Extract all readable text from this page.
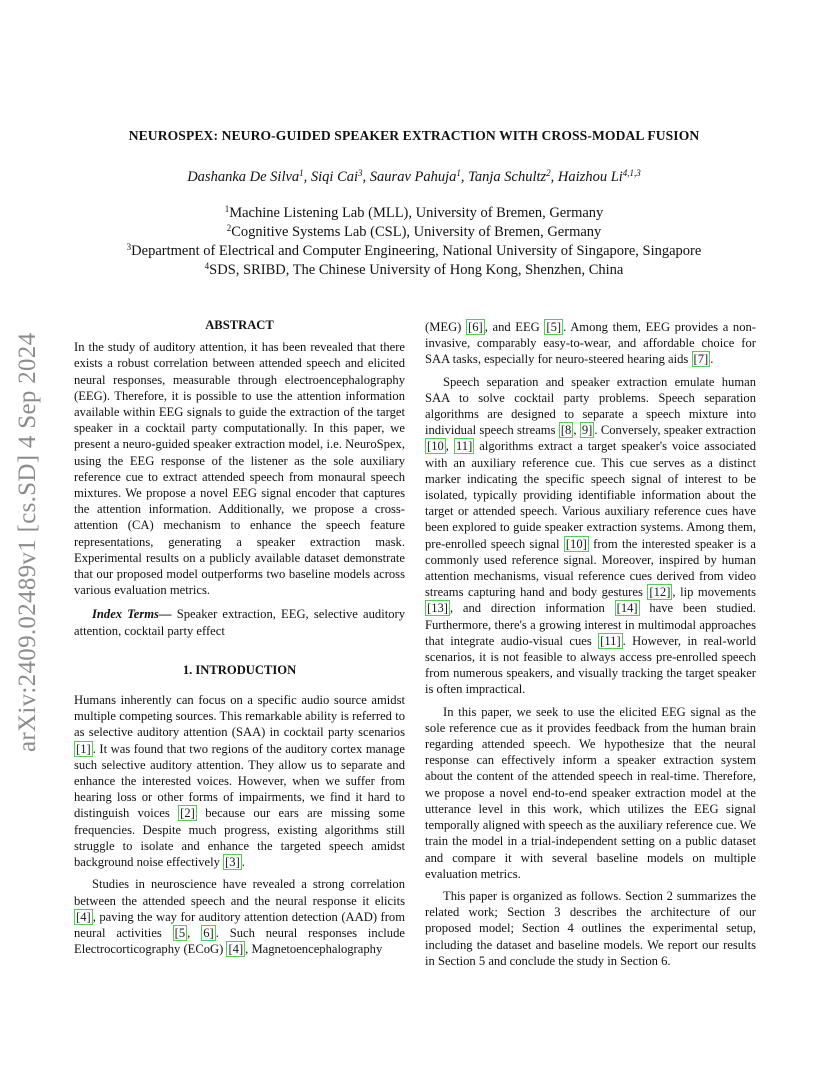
arXiv:2409.02489v1 [cs.SD] 4 Sep 2024
NEUROSPEX: NEURO-GUIDED SPEAKER EXTRACTION WITH CROSS-MODAL FUSION
Dashanka De Silva$^1$, Siqi Cai$^3$, Saurav Pahuja$^1$, Tanja Schultz$^2$, Haizhou Li$^{4,1,3}$
$^1$Machine Listening Lab (MLL), University of Bremen, Germany
$^2$Cognitive Systems Lab (CSL), University of Bremen, Germany
$^3$Department of Electrical and Computer Engineering, National University of Singapore, Singapore
$^4$SDS, SRIBD, The Chinese University of Hong Kong, Shenzhen, China
ABSTRACT

In the study of auditory attention, it has been revealed that there exists a robust correlation between attended speech and elicited neural responses, measurable through electroencephalography (EEG). Therefore, it is possible to use the attention information available within EEG signals to guide the extraction of the target speaker in a cocktail party computationally. In this paper, we present a neuro-guided speaker extraction model, i.e. NeuroSpex, using the EEG response of the listener as the sole auxiliary reference cue to extract attended speech from monaural speech mixtures. We propose a novel EEG signal encoder that captures the attention information. Additionally, we propose a cross-attention (CA) mechanism to enhance the speech feature representations, generating a speaker extraction mask. Experimental results on a publicly available dataset demonstrate that our proposed model outperforms two baseline models across various evaluation metrics.

Index Terms— Speaker extraction, EEG, selective auditory attention, cocktail party effect

1. INTRODUCTION

Humans inherently can focus on a specific audio source amidst multiple competing sources. This remarkable ability is referred to as selective auditory attention (SAA) in cocktail party scenarios [1] . It was found that two regions of the auditory cortex manage such selective auditory attention. They allow us to separate and enhance the interested voices. However, when we suffer from hearing loss or other forms of impairments, we find it hard to distinguish voices [2] because our ears are missing some frequencies. Despite much progress, existing algorithms still struggle to isolate and enhance the targeted speech amidst background noise effectively [3] .

Studies in neuroscience have revealed a strong correlation between the attended speech and the neural response it elicits [4] , paving the way for auditory attention detection (AAD) from neural activities [5 , 6] . Such neural responses include Electrocorticography (ECoG) [4] , Magnetoencephalography

(MEG) [6] , and EEG [5] . Among them, EEG provides a non-invasive, comparably easy-to-wear, and affordable choice for SAA tasks, especially for neuro-steered hearing aids [7] .

Speech separation and speaker extraction emulate human SAA to solve cocktail party problems. Speech separation algorithms are designed to separate a speech mixture into individual speech streams [8 , 9] . Conversely, speaker extraction [10 , 11] algorithms extract a target speaker's voice associated with an auxiliary reference cue. This cue serves as a distinct marker indicating the specific speech signal of interest to be isolated, typically providing identifiable information about the target or attended speech. Various auxiliary reference cues have been explored to guide speaker extraction systems. Among them, pre-enrolled speech signal [10] from the interested speaker is a commonly used reference signal. Moreover, inspired by human attention mechanisms, visual reference cues derived from video streams capturing hand and body gestures [12] , lip movements [13] , and direction information [14] have been studied. Furthermore, there's a growing interest in multimodal approaches that integrate audio-visual cues [11] . However, in real-world scenarios, it is not feasible to always access pre-enrolled speech from numerous speakers, and visually tracking the target speaker is often impractical.

In this paper, we seek to use the elicited EEG signal as the sole reference cue as it provides feedback from the human brain regarding attended speech. We hypothesize that the neural response can effectively inform a speaker extraction system about the content of the attended speech in real-time. Therefore, we propose a novel end-to-end speaker extraction model at the utterance level in this work, which utilizes the EEG signal temporally aligned with speech as the auxiliary reference cue. We train the model in a trial-independent setting on a public dataset and compare it with several baseline models on multiple evaluation metrics.

This paper is organized as follows. Section 2 summarizes the related work; Section 3 describes the architecture of our proposed model; Section 4 outlines the experimental setup, including the dataset and baseline models. We report our results in Section 5 and conclude the study in Section 6.
